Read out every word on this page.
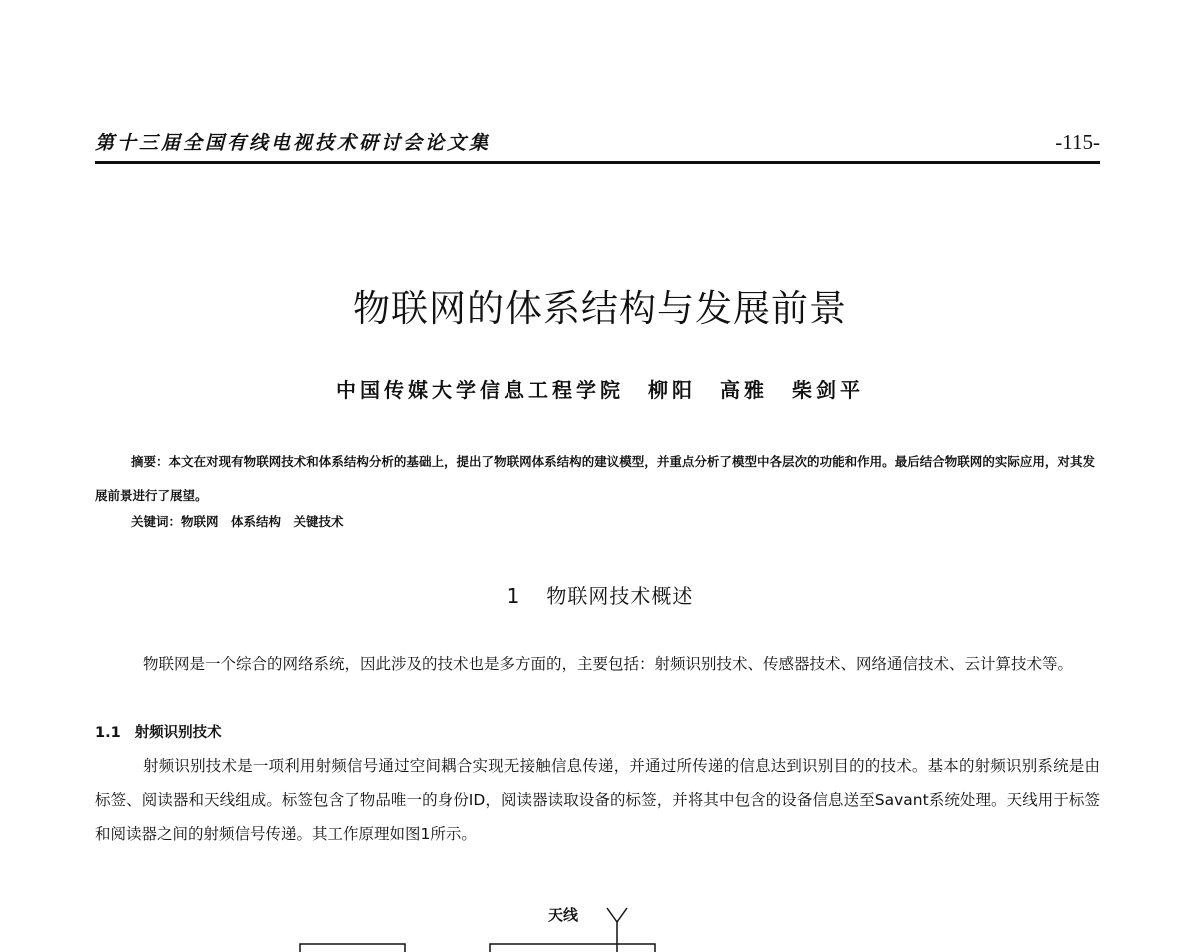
第十三届全国有线电视技术研讨会论文集	-115-
物联网的体系结构与发展前景
中国传媒大学信息工程学院　柳阳　高雅　柴剑平

摘要：本文在对现有物联网技术和体系结构分析的基础上，提出了物联网体系结构的建议模型，并重点分析了模型中各层次的功能和作用。最后结合物联网的实际应用，对其发展前景进行了展望。

关键词：物联网　体系结构　关键技术
1 物联网技术概述

物联网是一个综合的网络系统，因此涉及的技术也是多方面的，主要包括：射频识别技术、传感器技术、网络通信技术、云计算技术等。

1.1 射频识别技术

射频识别技术是一项利用射频信号通过空间耦合实现无接触信息传递，并通过所传递的信息达到识别目的的技术。基本的射频识别系统是由标签、阅读器和天线组成。标签包含了物品唯一的身份ID，阅读器读取设备的标签，并将其中包含的设备信息送至Savant系统处理。天线用于标签和阅读器之间的射频信号传递。其工作原理如图1所示。

天线
